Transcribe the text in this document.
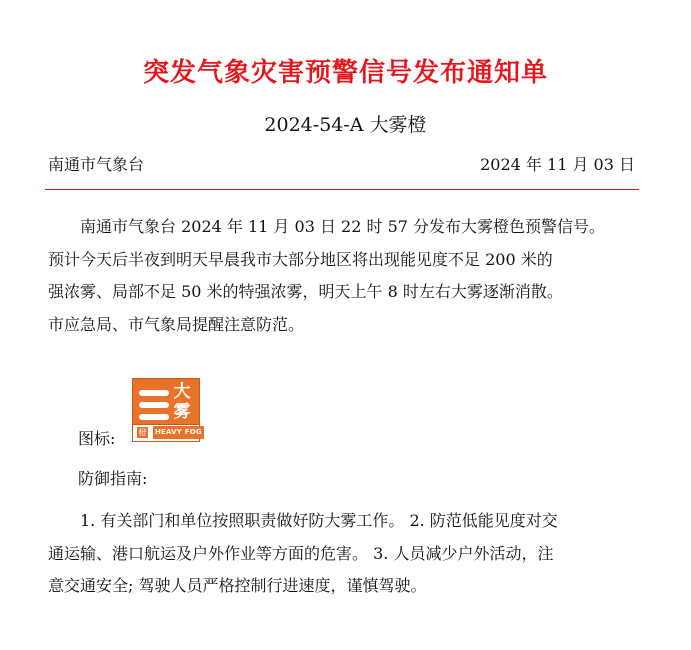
突发气象灾害预警信号发布通知单
2024-54-A 大雾橙
南通市气象台	2024 年 11 月 03 日
南通市气象台 2024 年 11 月 03 日 22 时 57 分发布大雾橙色预警信号。
预计今天后半夜到明天早晨我市大部分地区将出现能见度不足 200 米的
强浓雾、局部不足 50 米的特强浓雾，明天上午 8 时左右大雾逐渐消散。
市应急局、市气象局提醒注意防范。
图标:
大
雾
橙 HEAVY FOG
防御指南:
1. 有关部门和单位按照职责做好防大雾工作。 2. 防范低能见度对交
通运输、港口航运及户外作业等方面的危害。 3. 人员减少户外活动，注
意交通安全; 驾驶人员严格控制行进速度，谨慎驾驶。
